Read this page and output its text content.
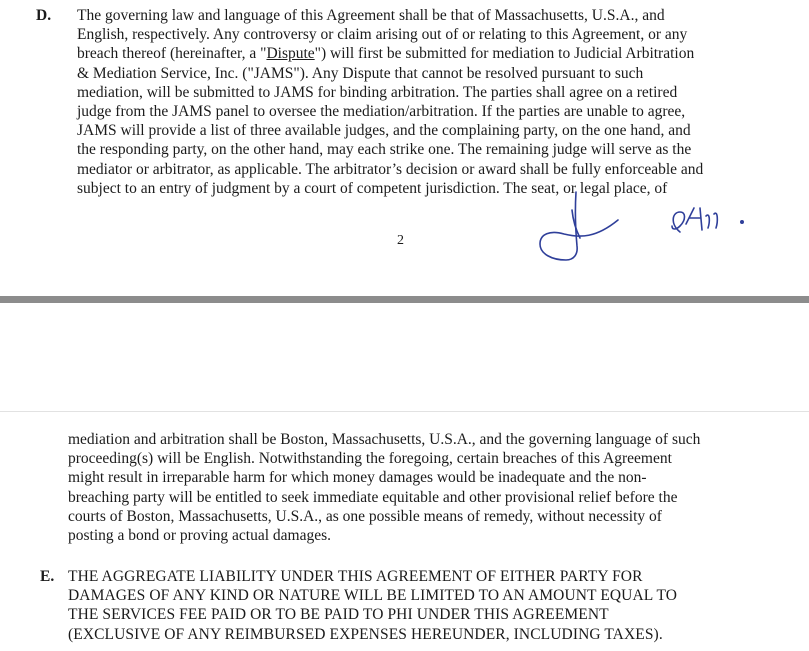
D. The governing law and language of this Agreement shall be that of Massachusetts, U.S.A., and
English, respectively. Any controversy or claim arising out of or relating to this Agreement, or any
breach thereof (hereinafter, a "Dispute") will first be submitted for mediation to Judicial Arbitration
& Mediation Service, Inc. ("JAMS"). Any Dispute that cannot be resolved pursuant to such
mediation, will be submitted to JAMS for binding arbitration. The parties shall agree on a retired
judge from the JAMS panel to oversee the mediation/arbitration. If the parties are unable to agree,
JAMS will provide a list of three available judges, and the complaining party, on the one hand, and
the responding party, on the other hand, may each strike one. The remaining judge will serve as the
mediator or arbitrator, as applicable. The arbitrator’s decision or award shall be fully enforceable and
subject to an entry of judgment by a court of competent jurisdiction. The seat, or legal place, of
2
mediation and arbitration shall be Boston, Massachusetts, U.S.A., and the governing language of such
proceeding(s) will be English. Notwithstanding the foregoing, certain breaches of this Agreement
might result in irreparable harm for which money damages would be inadequate and the non-
breaching party will be entitled to seek immediate equitable and other provisional relief before the
courts of Boston, Massachusetts, U.S.A., as one possible means of remedy, without necessity of
posting a bond or proving actual damages.
E. THE AGGREGATE LIABILITY UNDER THIS AGREEMENT OF EITHER PARTY FOR
DAMAGES OF ANY KIND OR NATURE WILL BE LIMITED TO AN AMOUNT EQUAL TO
THE SERVICES FEE PAID OR TO BE PAID TO PHI UNDER THIS AGREEMENT
(EXCLUSIVE OF ANY REIMBURSED EXPENSES HEREUNDER, INCLUDING TAXES).
